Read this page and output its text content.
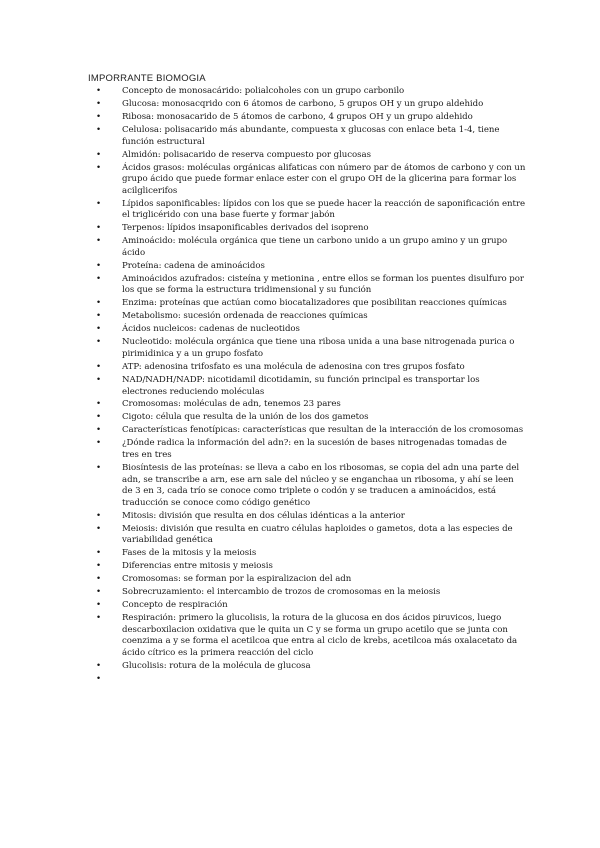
IMPORRANTE BIOMOGIA
•	Concepto de monosacárido: polialcoholes con un grupo carbonilo
•	Glucosa: monosacqrido con 6 átomos de carbono, 5 grupos OH y un grupo aldehido
•	Ribosa: monosacarido de 5 átomos de carbono, 4 grupos OH y un grupo aldehido
•	Celulosa: polisacarido más abundante, compuesta x glucosas con enlace beta 1-4, tiene función estructural
•	Almidón: polisacarido de reserva compuesto por glucosas
•	Ácidos grasos: moléculas orgánicas alifaticas con número par de átomos de carbono y con un grupo ácido que puede formar enlace ester con el grupo OH de la glicerina para formar los acilglicerifos
•	Lípidos saponificables: lípidos con los que se puede hacer la reacción de saponificación entre el triglicérido con una base fuerte y formar jabón
•	Terpenos: lípidos insaponificables derivados del isopreno
•	Aminoácido: molécula orgánica que tiene un carbono unido a un grupo amino y un grupo ácido
•	Proteína: cadena de aminoácidos
•	Aminoácidos azufrados: cisteína y metionina , entre ellos se forman los puentes disulfuro por los que se forma la estructura tridimensional y su función
•	Enzima: proteínas que actúan como biocatalizadores que posibilitan reacciones químicas
•	Metabolismo: sucesión ordenada de reacciones químicas
•	Ácidos nucleicos: cadenas de nucleotidos
•	Nucleotido: molécula orgánica que tiene una ribosa unida a una base nitrogenada purica o pirimidinica y a un grupo fosfato
•	ATP: adenosina trifosfato es una molécula de adenosina con tres grupos fosfato
•	NAD/NADH/NADP: nicotidamil dicotidamin, su función principal es transportar los electrones reduciendo moléculas
•	Cromosomas: moléculas de adn, tenemos 23 pares
•	Cigoto: célula que resulta de la unión de los dos gametos
•	Características fenotípicas: características que resultan de la interacción de los cromosomas
•	¿Dónde radica la información del adn?: en la sucesión de bases nitrogenadas tomadas de tres en tres
•	Biosíntesis de las proteínas: se lleva a cabo en los ribosomas, se copia del adn una parte del adn, se transcribe a arn, ese arn sale del núcleo y se enganchaa un ribosoma, y ahí se leen de 3 en 3, cada trío se conoce como triplete o codón y se traducen a aminoácidos, está traducción se conoce como código genético
•	Mitosis: división que resulta en dos células idénticas a la anterior
•	Meiosis: división que resulta en cuatro células haploides o gametos, dota a las especies de variabilidad genética
•	Fases de la mitosis y la meiosis
•	Diferencias entre mitosis y meiosis
•	Cromosomas: se forman por la espiralizacion del adn
•	Sobrecruzamiento: el intercambio de trozos de cromosomas en la meiosis
•	Concepto de respiración
•	Respiración: primero la glucolisis, la rotura de la glucosa en dos ácidos piruvicos, luego descarboxilacion oxidativa que le quita un C y se forma un grupo acetilo que se junta con coenzima a y se forma el acetilcoa que entra al ciclo de krebs, acetilcoa más oxalacetato da ácido cítrico es la primera reacción del ciclo
•	Glucolisis: rotura de la molécula de glucosa
•
